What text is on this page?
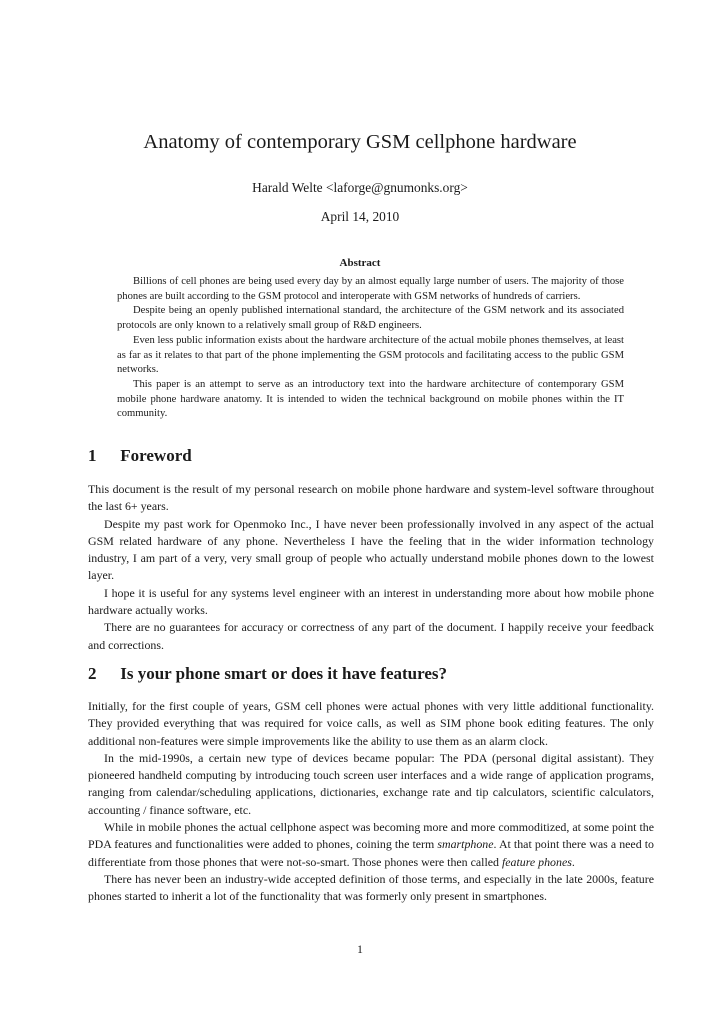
Anatomy of contemporary GSM cellphone hardware
Harald Welte <laforge@gnumonks.org>
April 14, 2010
Abstract

Billions of cell phones are being used every day by an almost equally large number of users. The majority of those phones are built according to the GSM protocol and interoperate with GSM networks of hundreds of carriers.

Despite being an openly published international standard, the architecture of the GSM network and its associated protocols are only known to a relatively small group of R&D engineers.

Even less public information exists about the hardware architecture of the actual mobile phones themselves, at least as far as it relates to that part of the phone implementing the GSM protocols and facilitating access to the public GSM networks.

This paper is an attempt to serve as an introductory text into the hardware architecture of contemporary GSM mobile phone hardware anatomy. It is intended to widen the technical background on mobile phones within the IT community.

1 Foreword

This document is the result of my personal research on mobile phone hardware and system-level software throughout the last 6+ years.

Despite my past work for Openmoko Inc., I have never been professionally involved in any aspect of the actual GSM related hardware of any phone. Nevertheless I have the feeling that in the wider information technology industry, I am part of a very, very small group of people who actually understand mobile phones down to the lowest layer.

I hope it is useful for any systems level engineer with an interest in understanding more about how mobile phone hardware actually works.

There are no guarantees for accuracy or correctness of any part of the document. I happily receive your feedback and corrections.

2 Is your phone smart or does it have features?

Initially, for the first couple of years, GSM cell phones were actual phones with very little additional functionality. They provided everything that was required for voice calls, as well as SIM phone book editing features. The only additional non-features were simple improvements like the ability to use them as an alarm clock.

In the mid-1990s, a certain new type of devices became popular: The PDA (personal digital assistant). They pioneered handheld computing by introducing touch screen user interfaces and a wide range of application programs, ranging from calendar/scheduling applications, dictionaries, exchange rate and tip calculators, scientific calculators, accounting / finance software, etc.

While in mobile phones the actual cellphone aspect was becoming more and more commoditized, at some point the PDA features and functionalities were added to phones, coining the term smartphone. At that point there was a need to differentiate from those phones that were not-so-smart. Those phones were then called feature phones.

There has never been an industry-wide accepted definition of those terms, and especially in the late 2000s, feature phones started to inherit a lot of the functionality that was formerly only present in smartphones.

1
